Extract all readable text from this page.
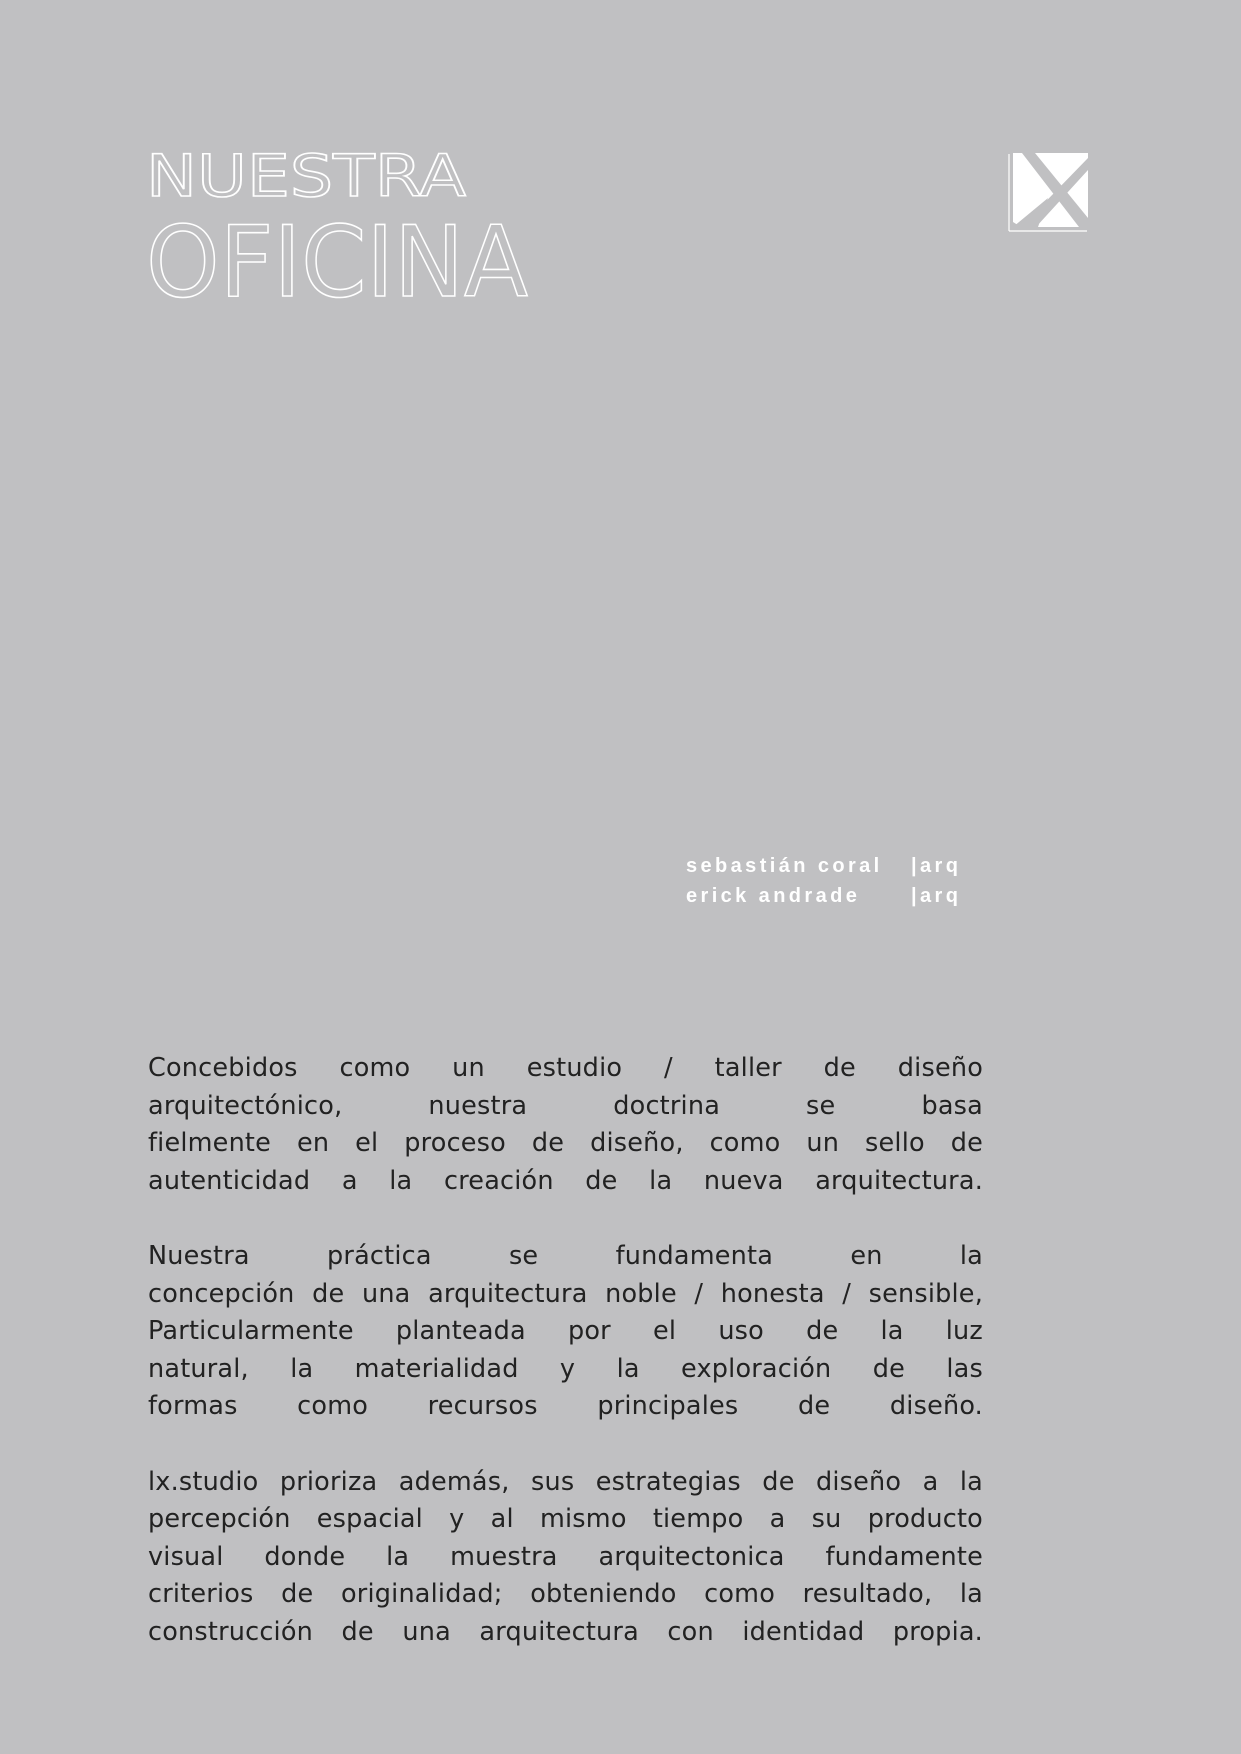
NUESTRA
OFICINA
sebastián coral	|arq
erick andrade	|arq
Concebidos como un estudio / taller de diseño
arquitectónico, nuestra doctrina se basa
fielmente en el proceso de diseño, como un sello de
autenticidad a la creación de la nueva arquitectura.
Nuestra práctica se fundamenta en la
concepción de una arquitectura noble / honesta / sensible,
Particularmente planteada por el uso de la luz
natural, la materialidad y la exploración de las
formas como recursos principales de diseño.
lx.studio prioriza además, sus estrategias de diseño a la
percepción espacial y al mismo tiempo a su producto
visual donde la muestra arquitectonica fundamente
criterios de originalidad; obteniendo como resultado, la
construcción de una arquitectura con identidad propia.
